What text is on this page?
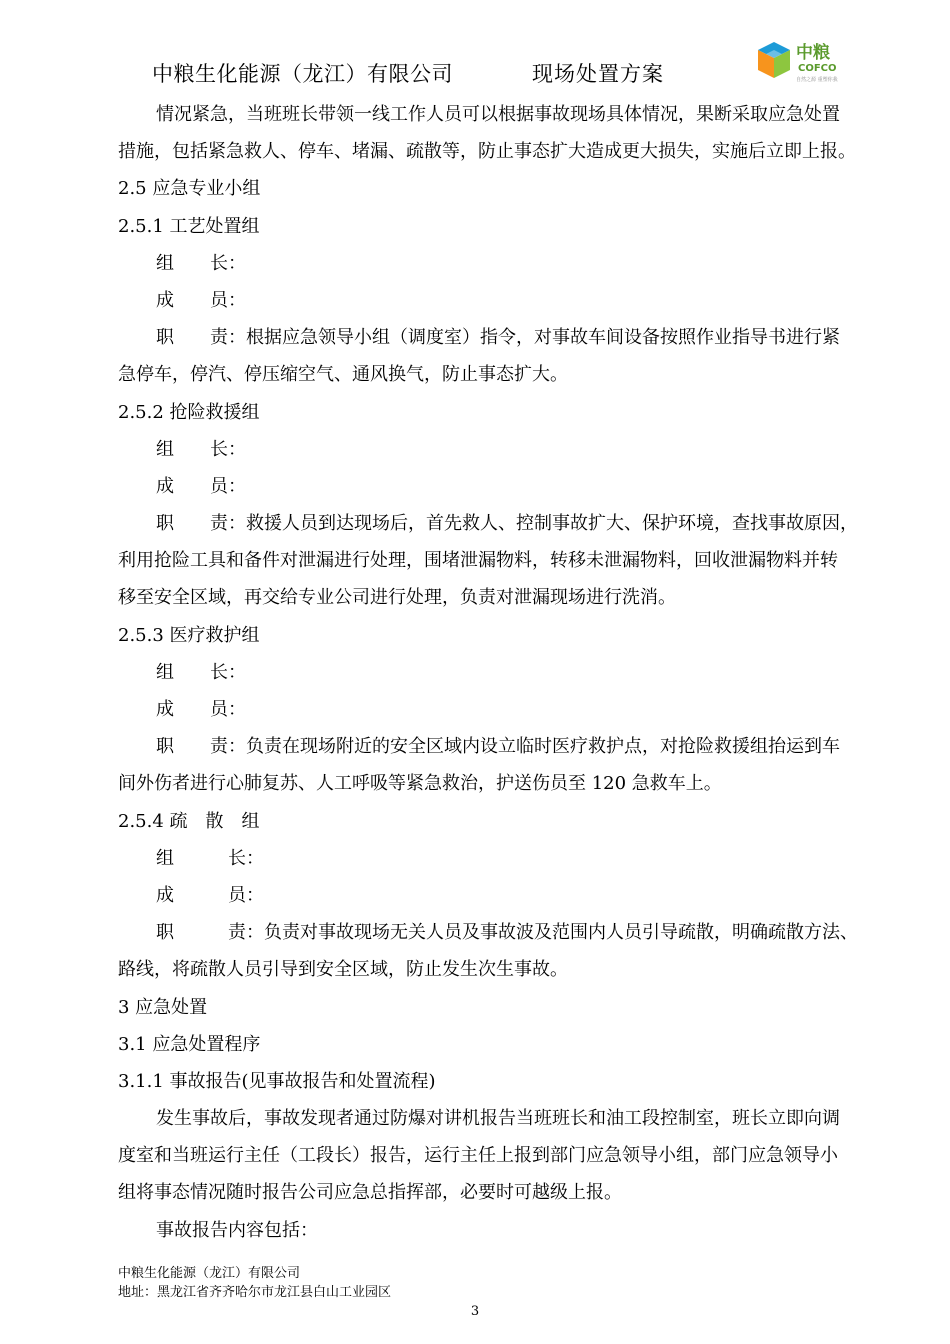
中粮生化能源（龙江）有限公司	现场处置方案
中粮
COFCO
自然之源 重塑你我
情况紧急，当班班长带领一线工作人员可以根据事故现场具体情况，果断采取应急处置
措施，包括紧急救人、停车、堵漏、疏散等，防止事态扩大造成更大损失，实施后立即上报。
2.5 应急专业小组
2.5.1 工艺处置组
组　　长：
成　　员：
职　　责：根据应急领导小组（调度室）指令，对事故车间设备按照作业指导书进行紧
急停车，停汽、停压缩空气、通风换气，防止事态扩大。
2.5.2 抢险救援组
组　　长：
成　　员：
职　　责：救援人员到达现场后，首先救人、控制事故扩大、保护环境，查找事故原因，
利用抢险工具和备件对泄漏进行处理，围堵泄漏物料，转移未泄漏物料，回收泄漏物料并转
移至安全区域，再交给专业公司进行处理，负责对泄漏现场进行洗消。
2.5.3 医疗救护组
组　　长：
成　　员：
职　　责：负责在现场附近的安全区域内设立临时医疗救护点，对抢险救援组抬运到车
间外伤者进行心肺复苏、人工呼吸等紧急救治，护送伤员至 120 急救车上。
2.5.4 疏　散　组
组　　　长：
成　　　员：
职　　　责：负责对事故现场无关人员及事故波及范围内人员引导疏散，明确疏散方法、
路线，将疏散人员引导到安全区域，防止发生次生事故。
3 应急处置
3.1 应急处置程序
3.1.1 事故报告(见事故报告和处置流程)
发生事故后，事故发现者通过防爆对讲机报告当班班长和油工段控制室，班长立即向调
度室和当班运行主任（工段长）报告，运行主任上报到部门应急领导小组，部门应急领导小
组将事态情况随时报告公司应急总指挥部，必要时可越级上报。
事故报告内容包括：
中粮生化能源（龙江）有限公司
地址：黑龙江省齐齐哈尔市龙江县白山工业园区
3
